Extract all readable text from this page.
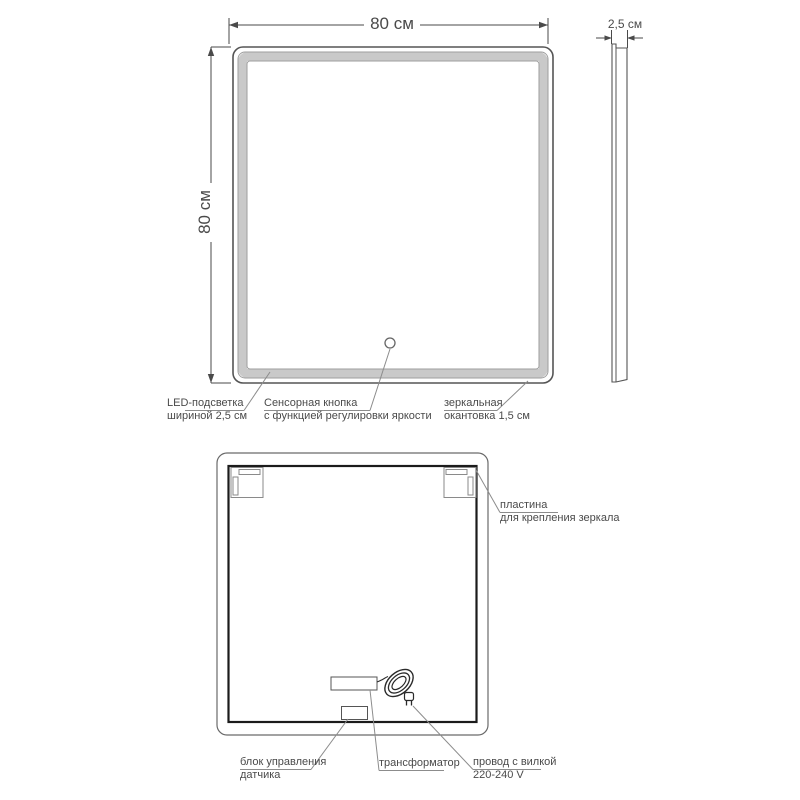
80 см
80 см
2,5 см
LED-подсветка
шириной 2,5 см
Сенсорная кнопка
с функцией регулировки яркости
зеркальная
окантовка 1,5 см
пластина
для крепления зеркала
блок управления
датчика
трансформатор провод с вилкой
220-240 V
